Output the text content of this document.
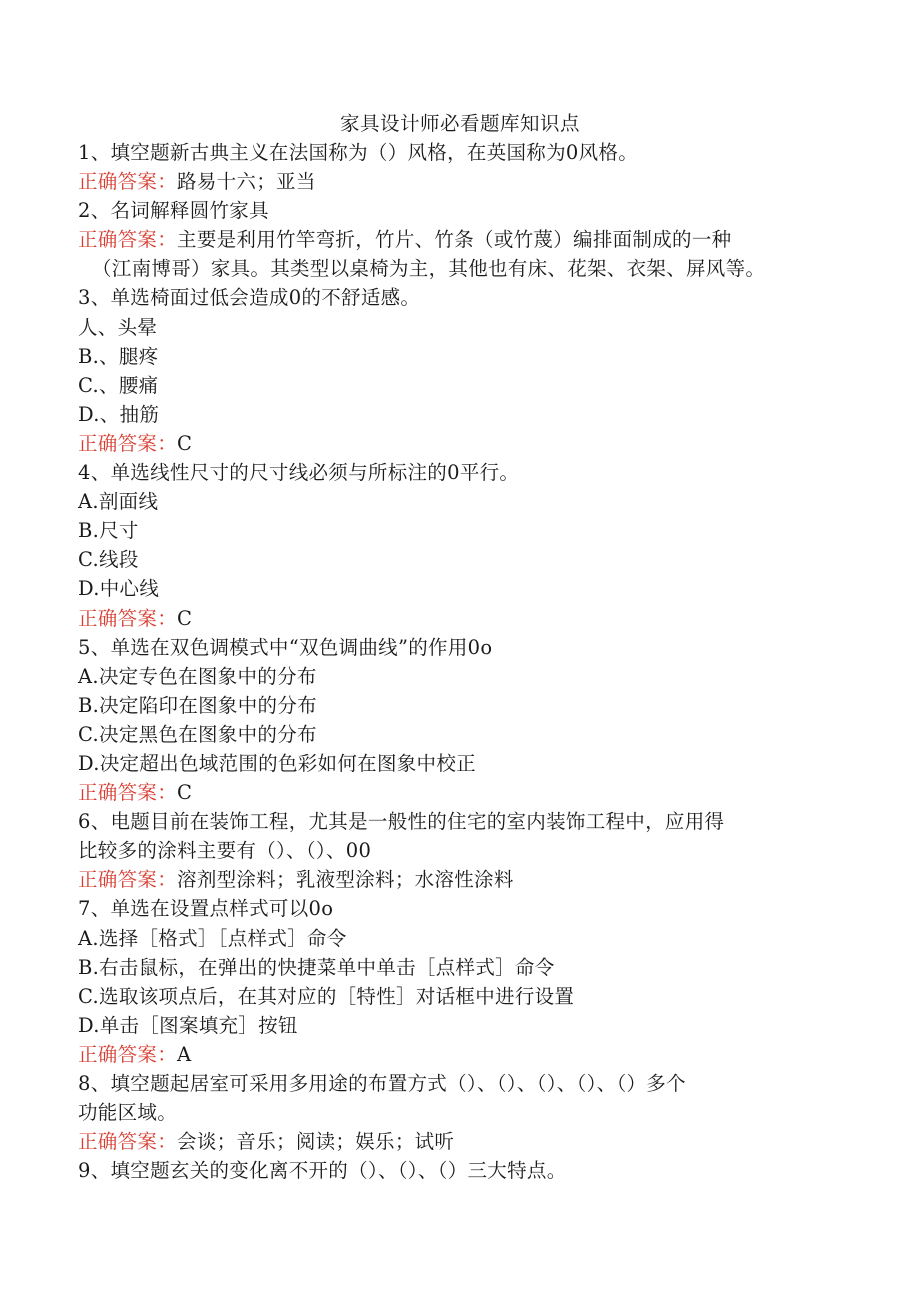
家具设计师必看题库知识点
1、填空题新古典主义在法国称为（）风格，在英国称为0风格。
正确答案：路易十六；亚当
2、名词解释圆竹家具
正确答案：主要是利用竹竿弯折，竹片、竹条（或竹蔑）编排面制成的一种
（江南博哥）家具。其类型以桌椅为主，其他也有床、花架、衣架、屏风等。
3、单选椅面过低会造成0的不舒适感。
人、头晕
B.、腿疼
C.、腰痛
D.、抽筋
正确答案：C
4、单选线性尺寸的尺寸线必须与所标注的0平行。
A.剖面线
B.尺寸
C.线段
D.中心线
正确答案：C
5、单选在双色调模式中“双色调曲线”的作用0o
A.决定专色在图象中的分布
B.决定陷印在图象中的分布
C.决定黑色在图象中的分布
D.决定超出色域范围的色彩如何在图象中校正
正确答案：C
6、电题目前在装饰工程，尤其是一般性的住宅的室内装饰工程中，应用得
比较多的涂料主要有（）、（）、00
正确答案：溶剂型涂料；乳液型涂料；水溶性涂料
7、单选在设置点样式可以0o
A.选择［格式］［点样式］命令
B.右击鼠标，在弹出的快捷菜单中单击［点样式］命令
C.选取该项点后，在其对应的［特性］对话框中进行设置
D.单击［图案填充］按钮
正确答案：A
8、填空题起居室可采用多用途的布置方式（）、（）、（）、（）、（）多个
功能区域。
正确答案：会谈；音乐；阅读；娱乐；试听
9、填空题玄关的变化离不开的（）、（）、（）三大特点。
